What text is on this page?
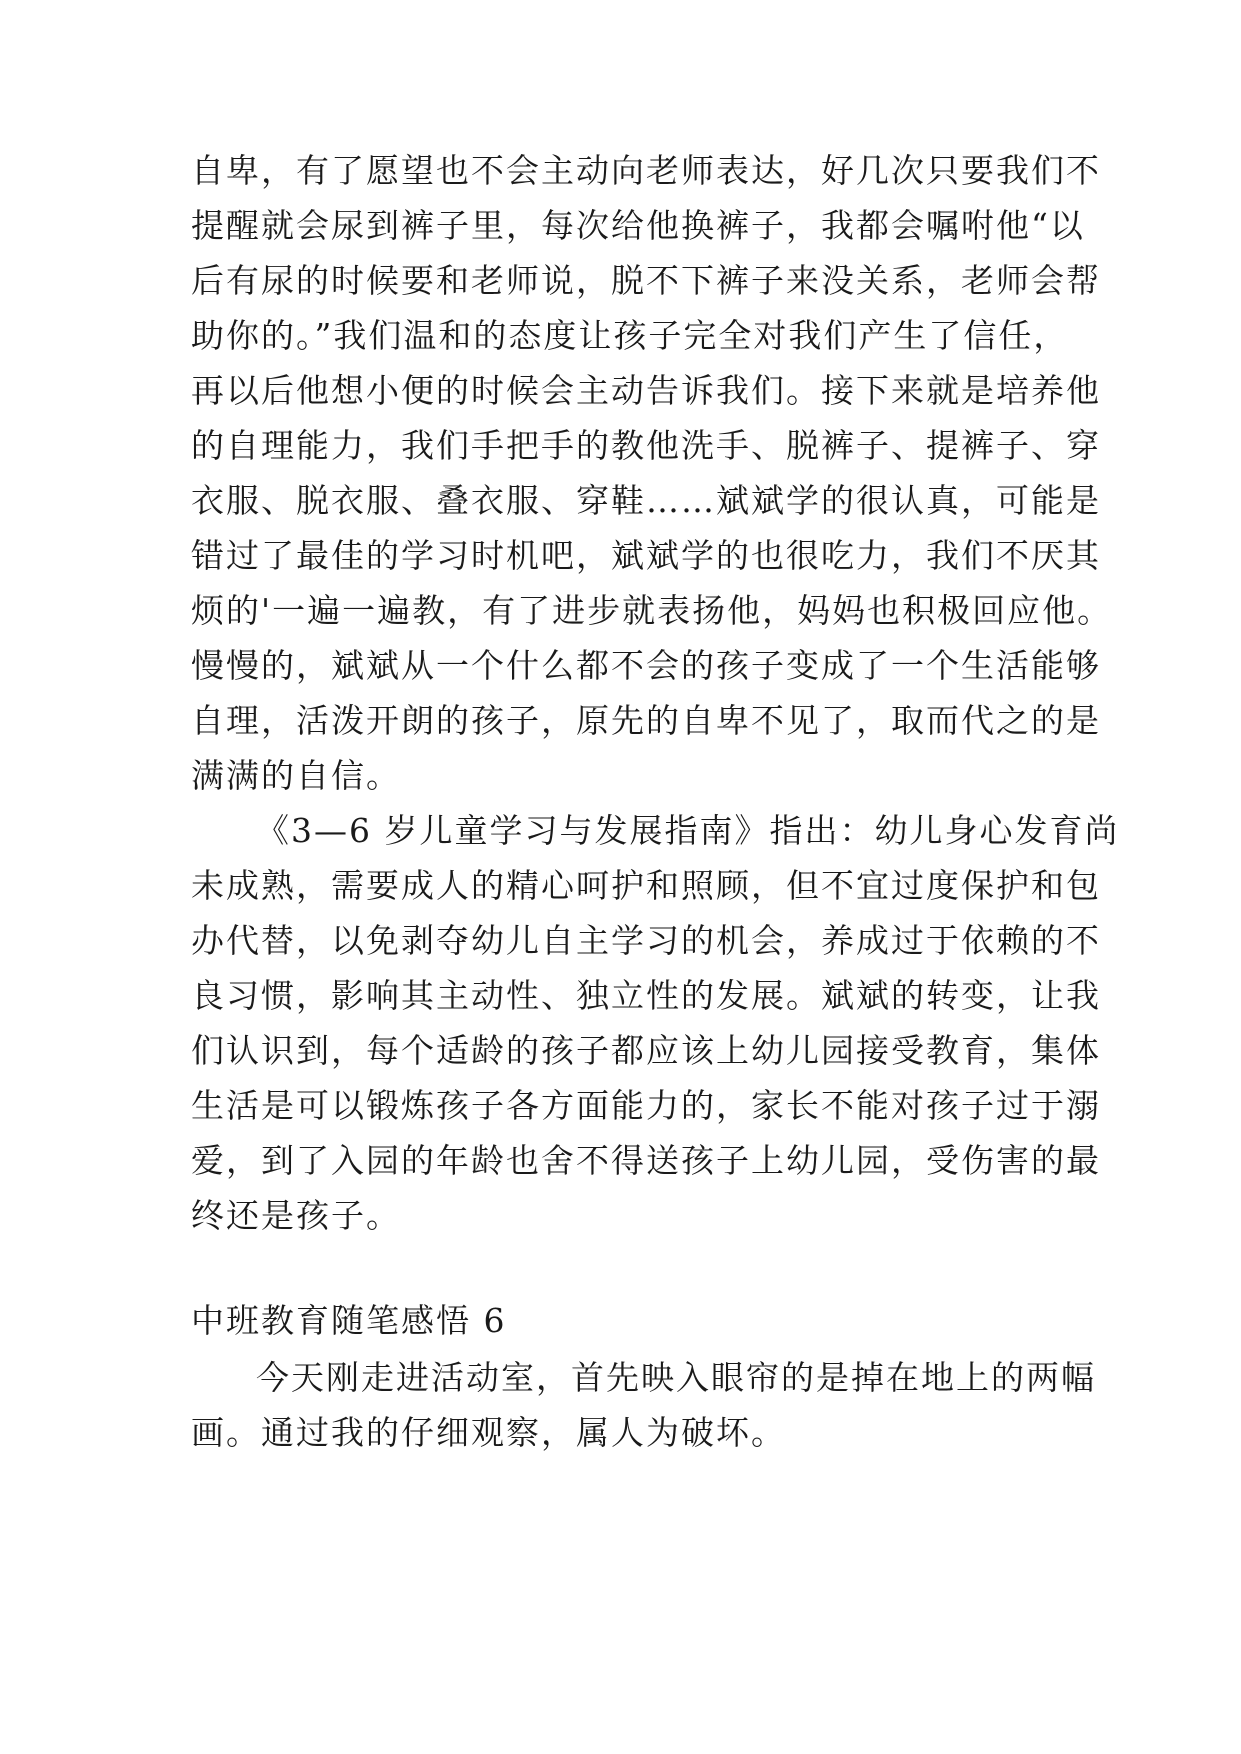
自卑，有了愿望也不会主动向老师表达，好几次只要我们不
提醒就会尿到裤子里，每次给他换裤子，我都会嘱咐他“以
后有尿的时候要和老师说，脱不下裤子来没关系，老师会帮
助你的。”我们温和的态度让孩子完全对我们产生了信任，
再以后他想小便的时候会主动告诉我们。接下来就是培养他
的自理能力，我们手把手的教他洗手、脱裤子、提裤子、穿
衣服、脱衣服、叠衣服、穿鞋……斌斌学的很认真，可能是
错过了最佳的学习时机吧，斌斌学的也很吃力，我们不厌其
烦的'一遍一遍教，有了进步就表扬他，妈妈也积极回应他。
慢慢的，斌斌从一个什么都不会的孩子变成了一个生活能够
自理，活泼开朗的孩子，原先的自卑不见了，取而代之的是
满满的自信。
《3—6 岁儿童学习与发展指南》指出：幼儿身心发育尚
未成熟，需要成人的精心呵护和照顾，但不宜过度保护和包
办代替，以免剥夺幼儿自主学习的机会，养成过于依赖的不
良习惯，影响其主动性、独立性的发展。斌斌的转变，让我
们认识到，每个适龄的孩子都应该上幼儿园接受教育，集体
生活是可以锻炼孩子各方面能力的，家长不能对孩子过于溺
爱，到了入园的年龄也舍不得送孩子上幼儿园，受伤害的最
终还是孩子。
中班教育随笔感悟 6
今天刚走进活动室，首先映入眼帘的是掉在地上的两幅
画。通过我的仔细观察，属人为破坏。
